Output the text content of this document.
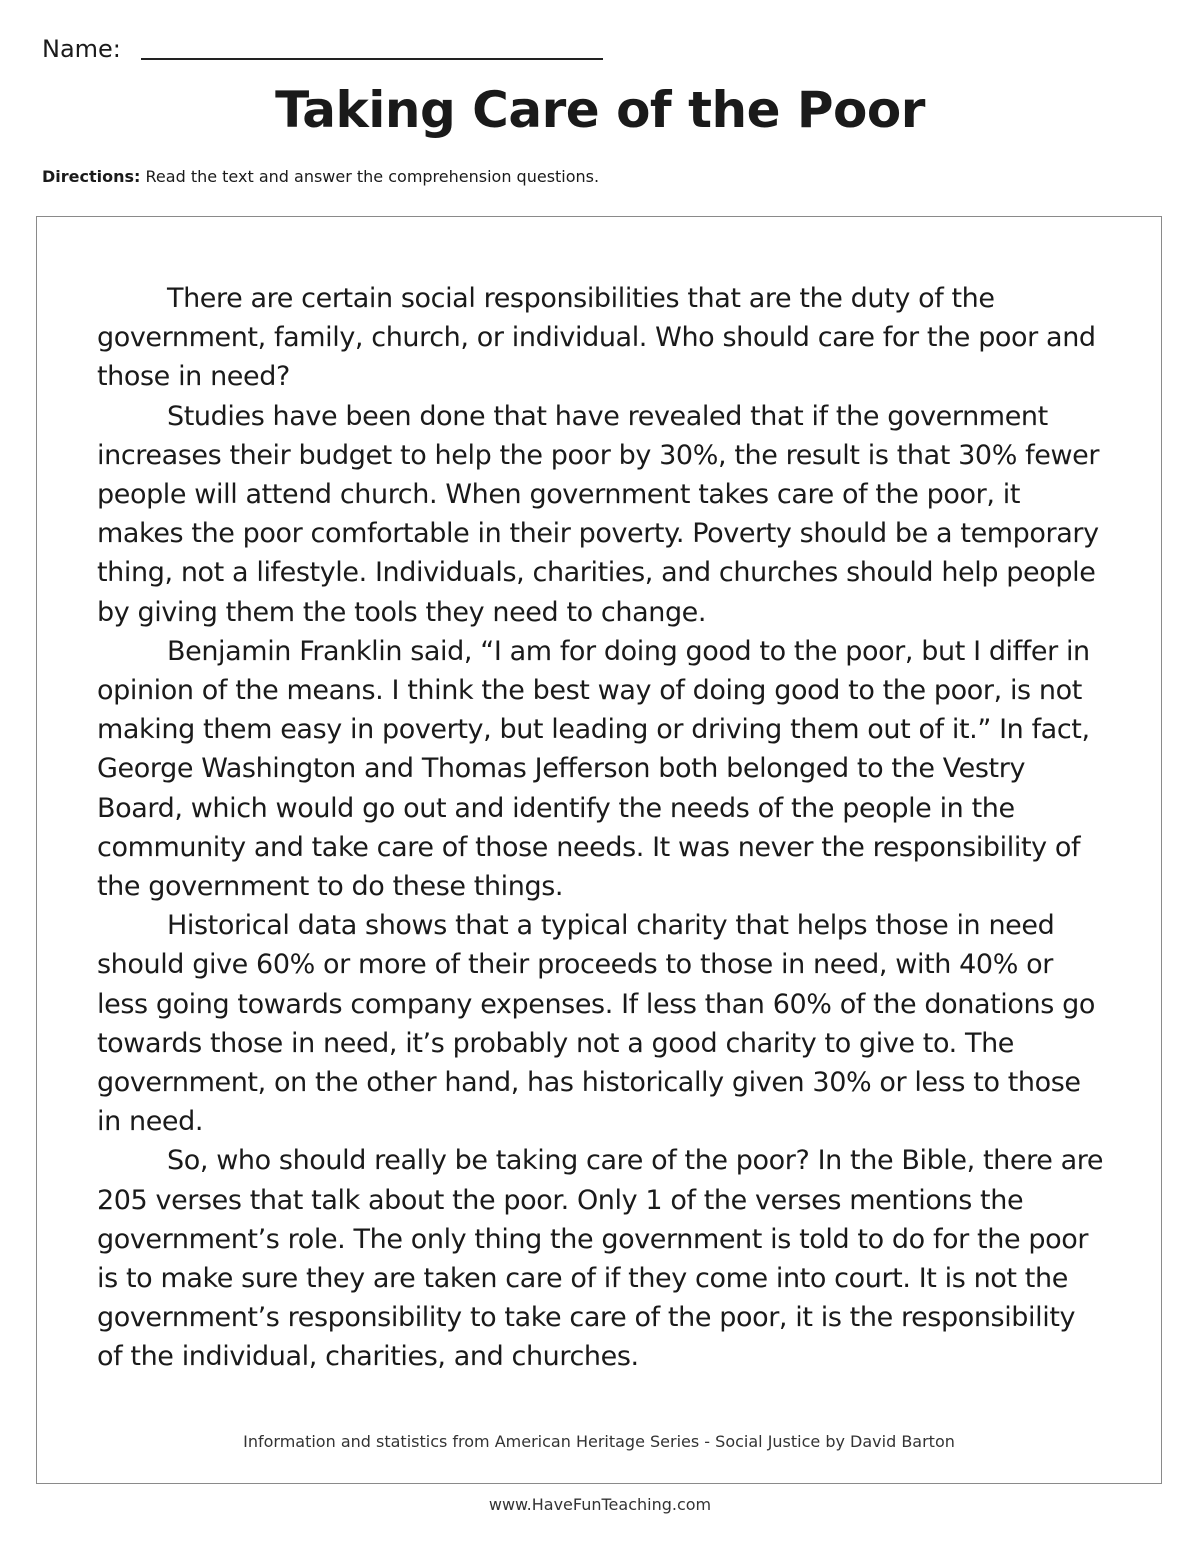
Name:
Taking Care of the Poor
Directions: Read the text and answer the comprehension questions.

There are certain social responsibilities that are the duty of the government, family, church, or individual. Who should care for the poor and those in need?

Studies have been done that have revealed that if the government increases their budget to help the poor by 30%, the result is that 30% fewer people will attend church. When government takes care of the poor, it makes the poor comfortable in their poverty. Poverty should be a temporary thing, not a lifestyle. Individuals, charities, and churches should help people by giving them the tools they need to change.

Benjamin Franklin said, “I am for doing good to the poor, but I differ in opinion of the means. I think the best way of doing good to the poor, is not making them easy in poverty, but leading or driving them out of it.” In fact, George Washington and Thomas Jefferson both belonged to the Vestry Board, which would go out and identify the needs of the people in the community and take care of those needs. It was never the responsibility of the government to do these things.

Historical data shows that a typical charity that helps those in need should give 60% or more of their proceeds to those in need, with 40% or less going towards company expenses. If less than 60% of the donations go towards those in need, it’s probably not a good charity to give to. The government, on the other hand, has historically given 30% or less to those in need.

So, who should really be taking care of the poor? In the Bible, there are 205 verses that talk about the poor. Only 1 of the verses mentions the government’s role. The only thing the government is told to do for the poor is to make sure they are taken care of if they come into court. It is not the government’s responsibility to take care of the poor, it is the responsibility of the individual, charities, and churches.

Information and statistics from American Heritage Series - Social Justice by David Barton
www.HaveFunTeaching.com
